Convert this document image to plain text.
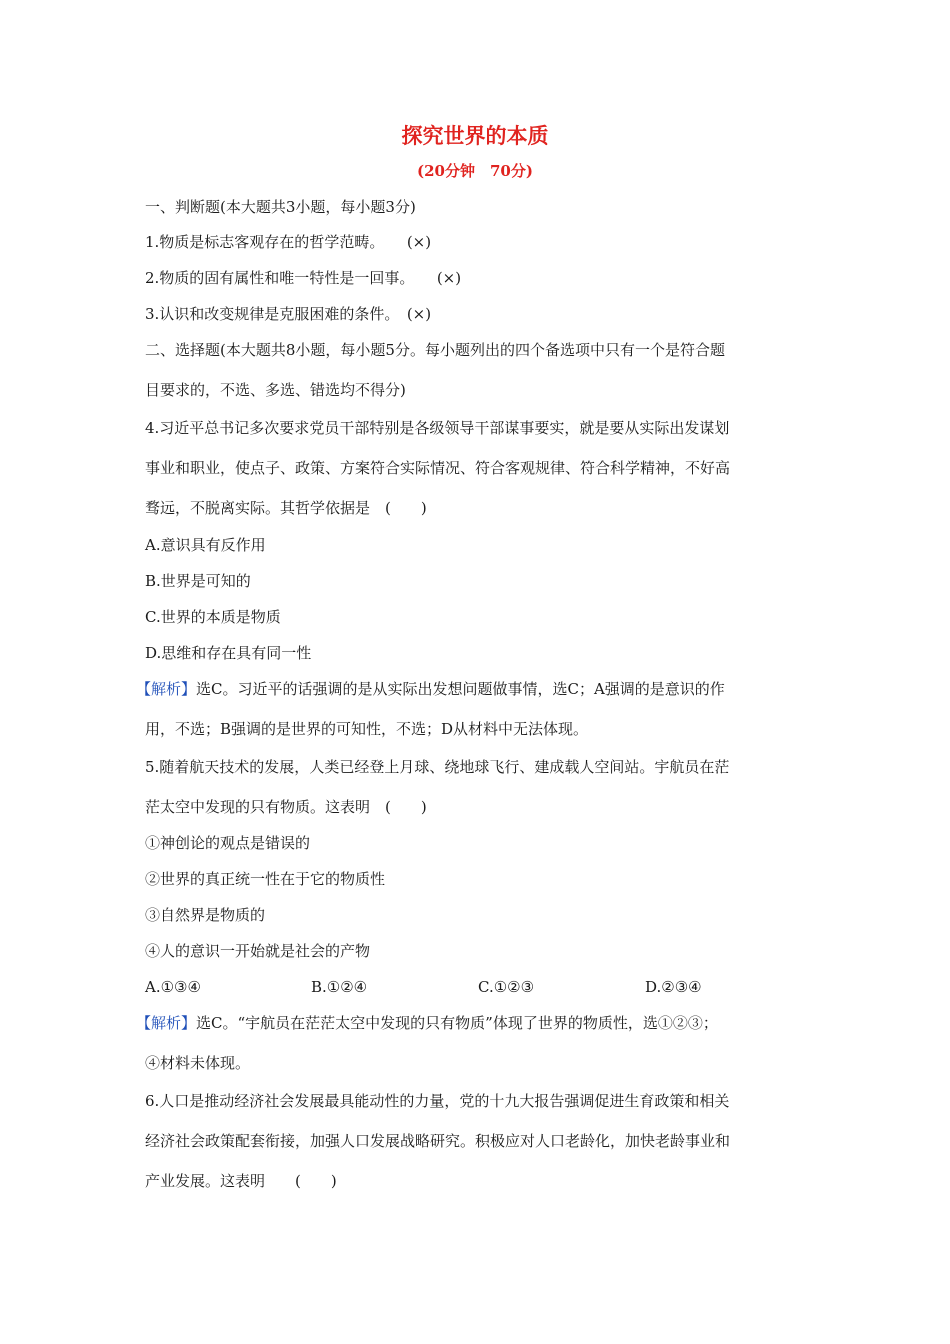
探究世界的本质
(20分钟　70分)
一、判断题(本大题共3小题，每小题3分)
1.物质是标志客观存在的哲学范畴。　　(×)
2.物质的固有属性和唯一特性是一回事。　　(×)
3.认识和改变规律是克服困难的条件。　(×)
二、选择题(本大题共8小题，每小题5分。每小题列出的四个备选项中只有一个是符合题
目要求的，不选、多选、错选均不得分)
4.习近平总书记多次要求党员干部特别是各级领导干部谋事要实，就是要从实际出发谋划
事业和职业，使点子、政策、方案符合实际情况、符合客观规律、符合科学精神，不好高
骛远，不脱离实际。其哲学依据是　(　　)
A.意识具有反作用
B.世界是可知的
C.世界的本质是物质
D.思维和存在具有同一性
【解析】选C。习近平的话强调的是从实际出发想问题做事情，选C；A强调的是意识的作
用，不选；B强调的是世界的可知性，不选；D从材料中无法体现。
5.随着航天技术的发展，人类已经登上月球、绕地球飞行、建成载人空间站。宇航员在茫
茫太空中发现的只有物质。这表明　(　　)
①神创论的观点是错误的
②世界的真正统一性在于它的物质性
③自然界是物质的
④人的意识一开始就是社会的产物
A.①③④	B.①②④	C.①②③	D.②③④
【解析】选C。“宇航员在茫茫太空中发现的只有物质”体现了世界的物质性，选①②③；
④材料未体现。
6.人口是推动经济社会发展最具能动性的力量，党的十九大报告强调促进生育政策和相关
经济社会政策配套衔接，加强人口发展战略研究。积极应对人口老龄化，加快老龄事业和
产业发展。这表明　　(　　)
